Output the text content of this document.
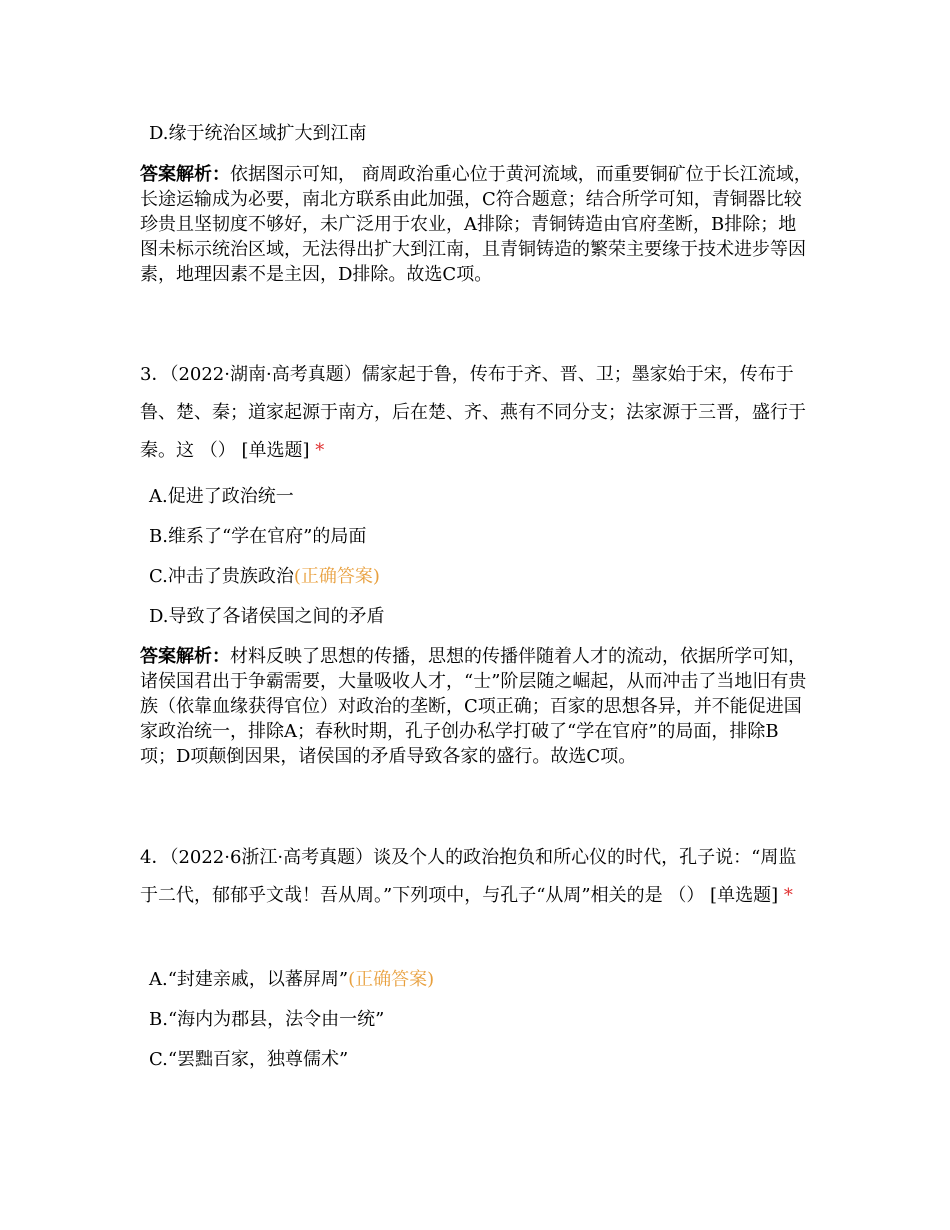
D.缘于统治区域扩大到江南
答案解析：依据图示可知， 商周政治重心位于黄河流域，而重要铜矿位于长江流域，长途运输成为必要，南北方联系由此加强，C符合题意；结合所学可知，青铜器比较珍贵且坚韧度不够好，未广泛用于农业，A排除；青铜铸造由官府垄断，B排除；地图未标示统治区域，无法得出扩大到江南，且青铜铸造的繁荣主要缘于技术进步等因素，地理因素不是主因，D排除。故选C项。
3．（2022·湖南·高考真题）儒家起于鲁，传布于齐、晋、卫；墨家始于宋，传布于鲁、楚、秦；道家起源于南方，后在楚、齐、燕有不同分支；法家源于三晋，盛行于秦。这 （） [单选题] *
A.促进了政治统一
B.维系了“学在官府”的局面
C.冲击了贵族政治(正确答案)
D.导致了各诸侯国之间的矛盾
答案解析：材料反映了思想的传播，思想的传播伴随着人才的流动，依据所学可知，诸侯国君出于争霸需要，大量吸收人才，“士”阶层随之崛起，从而冲击了当地旧有贵族（依靠血缘获得官位）对政治的垄断，C项正确；百家的思想各异，并不能促进国家政治统一，排除A；春秋时期，孔子创办私学打破了“学在官府”的局面，排除B项；D项颠倒因果，诸侯国的矛盾导致各家的盛行。故选C项。
4．（2022·6浙江·高考真题）谈及个人的政治抱负和所心仪的时代，孔子说：“周监于二代，郁郁乎文哉！吾从周。”下列项中，与孔子“从周”相关的是 （） [单选题] *
A.“封建亲戚，以蕃屏周”(正确答案)
B.“海内为郡县，法令由一统”
C.“罢黜百家，独尊儒术”
